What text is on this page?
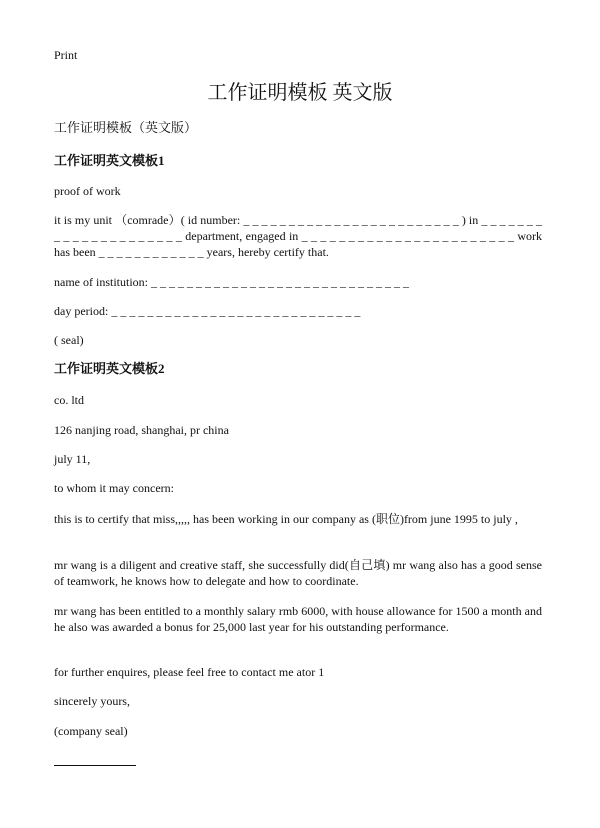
Print
工作证明模板 英文版
工作证明模板（英文版）
工作证明英文模板1
proof of work
it is my unit （comrade）( id number: _ _ _ _ _ _ _ _ _ _ _ _ _ _ _ _ _ _ _ _ _ _ _ _ ) in _ _ _ _ _ _ _ _ _ _ _ _ _ _ _ _ _ _ _ _ _ department, engaged in _ _ _ _ _ _ _ _ _ _ _ _ _ _ _ _ _ _ _ _ _ _ _ work has been _ _ _ _ _ _ _ _ _ _ _ _ years, hereby certify that.
name of institution: _ _ _ _ _ _ _ _ _ _ _ _ _ _ _ _ _ _ _ _ _ _ _ _ _ _ _ _ _
day period: _ _ _ _ _ _ _ _ _ _ _ _ _ _ _ _ _ _ _ _ _ _ _ _ _ _ _ _
( seal)
工作证明英文模板2
co. ltd
126 nanjing road, shanghai, pr china
july 11,
to whom it may concern:
this is to certify that miss,,,,, has been working in our company as (职位)from june 1995 to july ,
mr wang is a diligent and creative staff, she successfully did(自己填) mr wang also has a good sense of teamwork, he knows how to delegate and how to coordinate.
mr wang has been entitled to a monthly salary rmb 6000, with house allowance for 1500 a month and he also was awarded a bonus for 25,000 last year for his outstanding performance.
for further enquires, please feel free to contact me ator 1
sincerely yours,
(company seal)
